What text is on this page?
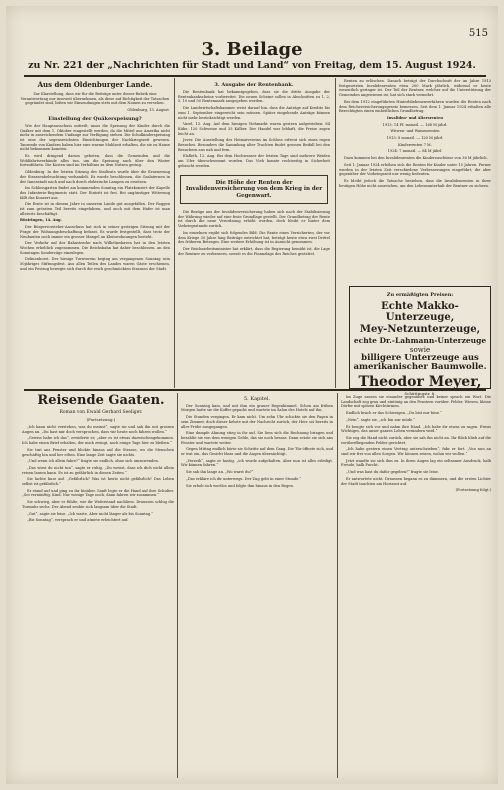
515
3. Beilage
zu Nr. 221 der „Nachrichten für Stadt und Land“ von Freitag, dem 15. August 1924.
Aus dem Oldenburger Lande.
Zur Klarstellung, dass wir für die Beiträge unter dieser Rubrik eine Verantwortung nur insoweit übernehmen, als diese auf Richtigkeit der Tatsachen gegründet sind, bitten wir Einsendungen stets mit dem Namen zu versehen.
Oldenburg, 15. August.
Einstellung der Quäkerspeisung?

Wie der Hauptausschuss mitteilt, muss die Speisung der Kinder durch die Quäker mit dem 1. Oktober eingestellt werden, da die Mittel aus Amerika nicht mehr in ausreichendem Umfange zur Verfügung stehen. Die Schulkinderspeisung ist eine der segensreichsten Einrichtungen der Nachkriegszeit gewesen. Tausende von Kindern haben hier eine warme Mahlzeit erhalten, die sie zu Hause nicht bekommen konnten.

Es wird dringend darum gebeten, dass die Gemeinden und die Wohlfahrtsverbände alles tun, um die Speisung auch über den Winter fortzuführen. Die Kosten sind im Verhältnis zu dem Nutzen gering.

Oldenburg. In der letzten Sitzung des Stadtrats wurde über die Erneuerung der Strassenbeleuchtung verhandelt. Es wurde beschlossen, die Gaslaternen in der Innenstadt nach und nach durch elektrische Lampen zu ersetzen.

Im Schlossgarten findet am kommenden Sonntag ein Platzkonzert der Kapelle des Infanterie-Regiments statt. Der Eintritt ist frei. Bei ungünstiger Witterung fällt das Konzert aus.

Die Ernte ist in diesem Jahre in unserem Lande gut ausgefallen. Der Roggen ist zum grössten Teil bereits eingefahren, und auch mit dem Hafer ist man allerorts beschäftigt.

Rüstringen, 14. Aug.

Der Bürgervorsteher-Ausschuss hat sich in seiner gestrigen Sitzung mit der Frage der Wohnungsbeschaffung befasst. Es wurde festgestellt, dass trotz der Neubauten noch immer ein grosser Mangel an Kleinwohnungen besteht.

Der Verkehr auf der Bahnstrecke nach Wilhelmshaven hat in den letzten Wochen erheblich zugenommen. Die Reichsbahn hat daher beschlossen, an den Sonntagen Sonderzüge einzulegen.

Delmenhorst. Der hiesige Turnverein beging am vergangenen Sonntag sein 50jähriges Stiftungsfest. Aus allen Teilen des Landes waren Gäste erschienen, und ein Festzug bewegte sich durch die reich geschmückten Strassen der Stadt.

3. Ausgabe der Rentenbank.

Die Rentenbank hat bekanntgegeben, dass sie die dritte Ausgabe der Rentenbankscheine vorbereitet. Die neuen Scheine sollen in Abschnitten zu 1, 2, 5, 10 und 50 Rentenmark ausgegeben werden.

Die Landwirtschaftskammer weist darauf hin, dass die Anträge auf Kredite bis zum 1. September eingereicht sein müssen. Später eingehende Anträge können nicht mehr berücksichtigt werden.

Varel, 13. Aug. Auf dem hiesigen Viehmarkt waren gestern aufgetrieben: 84 Kühe, 120 Schweine und 35 Kälber. Der Handel war lebhaft, die Preise zogen leicht an.

Jever. Die Ausstellung des Heimatvereins im Schloss erfreut sich eines regen Besuches. Besonders die Sammlung alter Trachten findet grossen Beifall bei den Besuchern aus nah und fern.

Elsfleth, 12. Aug. Bei dem Hochwasser der letzten Tage sind mehrere Weiden am Ufer überschwemmt worden. Das Vieh konnte rechtzeitig in Sicherheit gebracht werden.

Die Höhe der Renten der Invalidenversicherung von dem Krieg in der Gegenwart.

Die Bezüge aus der Invalidenversicherung haben sich nach der Stabilisierung der Währung wieder auf eine feste Grundlage gestellt. Der Grundbetrag der Rente ist durch die neue Verordnung erhöht worden, doch bleibt er hinter dem Vorkriegsstande zurück.

Im einzelnen ergibt sich folgendes Bild: Die Rente eines Versicherten, der vor dem Kriege 30 Jahre lang Beiträge entrichtet hat, beträgt heute etwa zwei Drittel des früheren Betrages. Eine weitere Erhöhung ist in Aussicht genommen.

Der Reichsarbeitsminister hat erklärt, dass die Regierung bemüht ist, die Lage der Rentner zu verbessern, soweit es die Finanzlage des Reiches gestattet.

Renten zu erlöschen. Danach beträgt der Durchschnitt der im Jahre 1913 festgesetzten Invalidenrenten etwa 200 Mark jährlich, während er heute wesentlich geringer ist. Der Teil der Rentner, welcher auf die Unterstützung der Gemeinden angewiesen ist, hat sich stark vermehrt.

Bei dem 1912 eingeführten Hinterbliebenenverfahren wurden die Renten nach dem Reichsversicherungsgesetz bemessen. Seit dem 1. Januar 1924 erhalten alle Berechtigten einen einheitlichen Grundbetrag.

Invaliden- und Altersrenten
1913: 14 Pf. monatl. — 168 M jährl.
Witwen- und Waisenrenten
1913: 8 monatl. — 120 M jährl.
Kinderrenten 7 M.
1924: 7 monatl. — 84 M jährl.

Dazu kommen bei den Invalidenrenten die Kinderzuschüsse von 36 M jährlich.

Seit 1. Januar 1924 erhöhen sich die Renten für Kinder unter 15 Jahren. Ferner wurden in der letzten Zeit verschiedene Verbesserungen eingeführt, die aber gegenüber der Vorkriegszeit nur wenig bedeuten.

Es bleibt jedoch die Tatsache bestehen, dass die Invalidenrenten in ihrer heutigen Höhe nicht ausreichen, um den Lebensunterhalt der Rentner zu sichern.

Zu ermäßigten Preisen:
Echte Makko-Unterzeuge,
Mey-Netzunterzeuge,
echte Dr.-Lahmann-Unterzeuge
sowie
billigere Unterzeuge aus amerikanischer Baumwolle.
Theodor Meyer,
Schüttingstr. 8.
Reisende Gaaten.
Roman von Ewald Gerhard Seeliger.
(Fortsetzung.)

„Ich kann nicht verstehen, was du meinst“, sagte sie und sah ihn mit grossen Augen an. „Du hast mir doch versprochen, dass wir heute noch fahren wollen.“

„Gewiss habe ich das“, erwiderte er, „aber es ist etwas dazwischengekommen. Ich habe einen Brief erhalten, der mich zwingt, noch einige Tage hier zu bleiben.“

Sie trat ans Fenster und blickte hinaus auf die Strasse, wo die Menschen geschäftig hin und her eilten. Eine lange Zeit sagte sie nichts.

„Und wenn ich allein fahre?“ fragte sie endlich, ohne sich umzuwenden.

„Das wirst du nicht tun“, sagte er ruhig. „Du weisst, dass ich dich nicht allein reisen lassen kann. Es ist zu gefährlich in diesen Zeiten.“

Sie lachte kurz auf. „Gefährlich? Was ist heute nicht gefährlich? Das Leben selbst ist gefährlich.“

Er stand auf und ging zu ihr hinüber. Sanft legte er die Hand auf ihre Schulter. „Sei vernünftig, Kind. Nur wenige Tage noch, dann fahren wir zusammen.“

Sie schwieg, aber er fühlte, wie ihr Widerstand nachliess. Draussen schlug die Turmuhr sechs. Der Abend senkte sich langsam über die Stadt.

„Gut“, sagte sie leise. „Ich warte. Aber nicht länger als bis Sonntag.“

„Bis Sonntag“, versprach er und atmete erleichtert auf.

5. Kapitel.

Der Sonntag kam, und mit ihm ein grauer Regenhimmel. Schon am frühen Morgen hatte sie die Koffer gepackt und wartete im Salon des Hotels auf ihn.

Die Stunden vergingen. Er kam nicht. Um zehn Uhr schickte sie den Pagen in sein Zimmer, doch dieser kehrte mit der Nachricht zurück, der Herr sei bereits in aller Frühe ausgegangen.

Eine dumpfe Ahnung stieg in ihr auf. Sie liess sich die Rechnung bringen und bezahlte sie von dem wenigen Gelde, das sie noch besass. Dann setzte sie sich ans Fenster und wartete weiter.

Gegen Mittag endlich hörte sie Schritte auf dem Gang. Die Tür öffnete sich, und er trat ein, das Gesicht blass und die Augen übernächtigt.

„Verzeih“, sagte er hastig, „ich wurde aufgehalten. Aber nun ist alles erledigt. Wir können fahren.“

Sie sah ihn lange an. „Wo warst du?“

„Das erkläre ich dir unterwegs. Der Zug geht in einer Stunde.“

Sie erhob sich wortlos und folgte ihm hinaus in den Regen.

Im Zuge sassen sie einander gegenüber, und keiner sprach ein Wort. Die Landschaft zog grau und eintönig an den Fenstern vorüber. Felder, Wiesen, kleine Dörfer mit spitzen Kirchtürmen.

Endlich brach er das Schweigen. „Du bist mir böse.“

„Nein“, sagte sie, „ich bin nur müde.“

Er beugte sich vor und nahm ihre Hand. „Ich habe dir etwas zu sagen. Etwas Wichtiges, das unser ganzes Leben verändern wird.“

Sie zog die Hand nicht zurück, aber sie sah ihn nicht an. Ihr Blick blieb auf die vorüberfliegenden Felder gerichtet.

„Ich habe gestern einen Vertrag unterschrieben“, fuhr er fort. „Von nun an sind wir frei von allen Sorgen. Wir können reisen, wohin wir wollen.“

Jetzt wandte sie sich ihm zu. In ihren Augen lag ein seltsamer Ausdruck, halb Freude, halb Furcht.

„Und was hast du dafür gegeben?“ fragte sie leise.

Er antwortete nicht. Draussen begann es zu dämmern, und die ersten Lichter der Stadt tauchten am Horizont auf.

(Fortsetzung folgt.)
